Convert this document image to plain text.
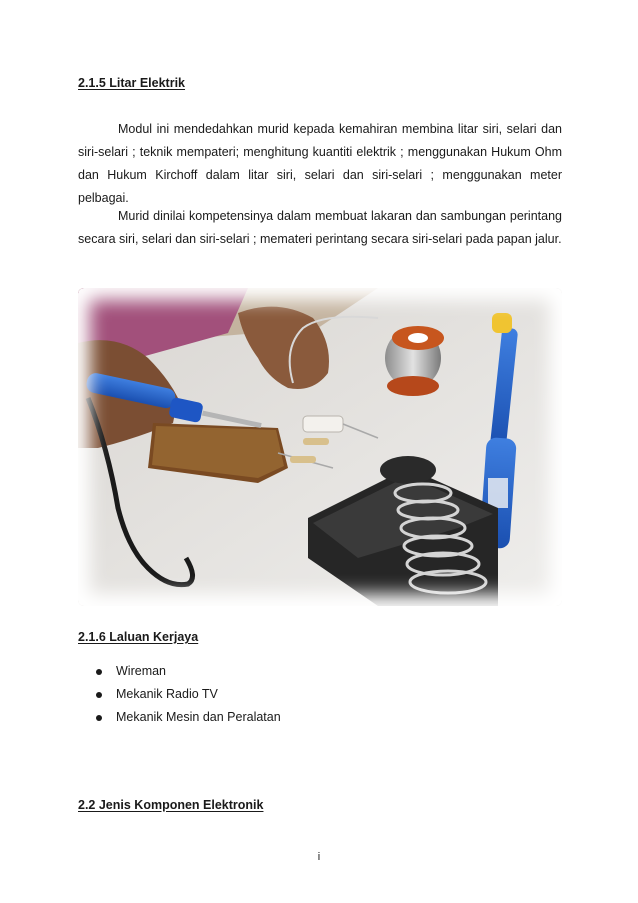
2.1.5 Litar Elektrik

Modul ini mendedahkan murid kepada kemahiran membina litar siri, selari dan siri-selari ; teknik mempateri; menghitung kuantiti elektrik ; menggunakan Hukum Ohm dan Hukum Kirchoff dalam litar siri, selari dan siri-selari ; menggunakan meter pelbagai.

Murid dinilai kompetensinya dalam membuat lakaran dan sambungan perintang secara siri, selari dan siri-selari ; memateri perintang secara siri-selari pada papan jalur.

2.1.6 Laluan Kerjaya
Wireman
Mekanik Radio TV
Mekanik Mesin dan Peralatan
2.2 Jenis Komponen Elektronik
i
